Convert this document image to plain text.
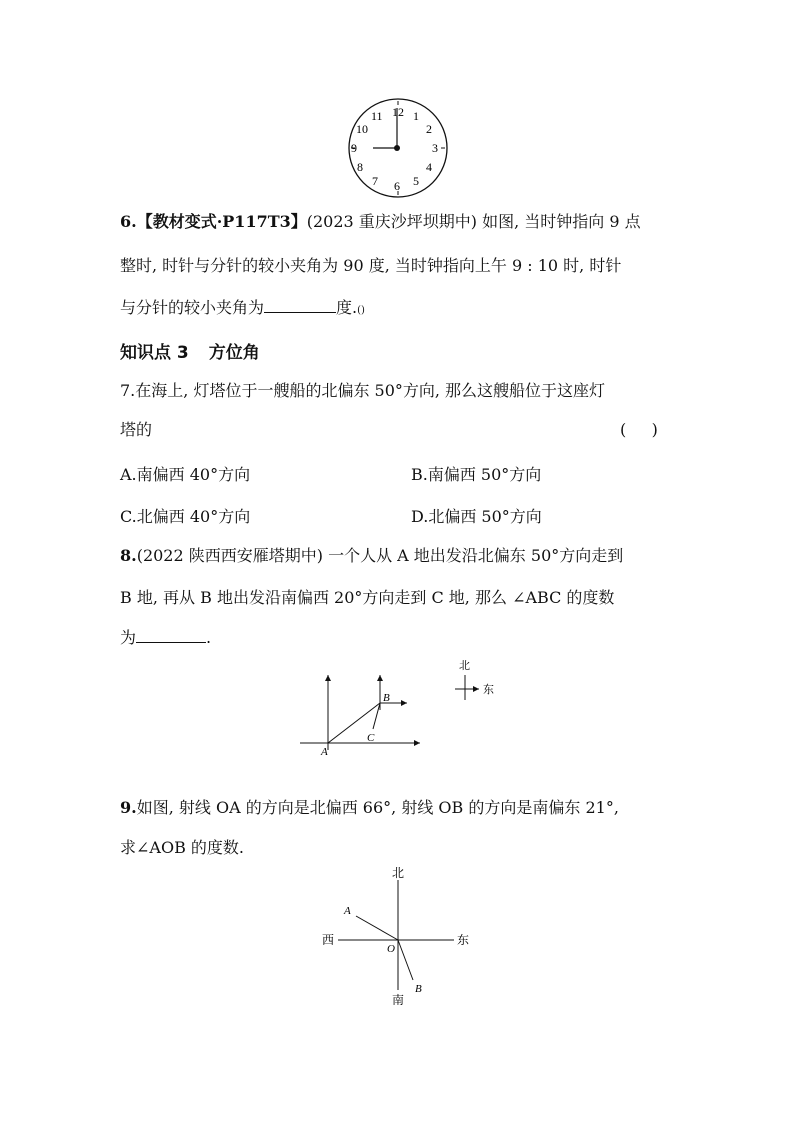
12 1
2
3
4
5
6
7
8
9
10
11
6.【教材变式·P117T3】(2023 重庆沙坪坝期中) 如图, 当时钟指向 9 点
整时, 时针与分针的较小夹角为 90 度, 当时钟指向上午 9 : 10 时, 时针
与分针的较小夹角为	度.()
知识点 3 方位角
7.在海上, 灯塔位于一艘船的北偏东 50°方向, 那么这艘船位于这座灯
塔的	(     )
A.南偏西 40°方向	B.南偏西 50°方向
C.北偏西 40°方向	D.北偏西 50°方向
8.(2022 陕西西安雁塔期中) 一个人从 A 地出发沿北偏东 50°方向走到
B 地, 再从 B 地出发沿南偏西 20°方向走到 C 地, 那么 ∠ABC 的度数
为	.
A
B
C
北
东
9.如图, 射线 OA 的方向是北偏西 66°, 射线 OB 的方向是南偏东 21°,
求∠AOB 的度数.
北
南
西	东
O
A
B
